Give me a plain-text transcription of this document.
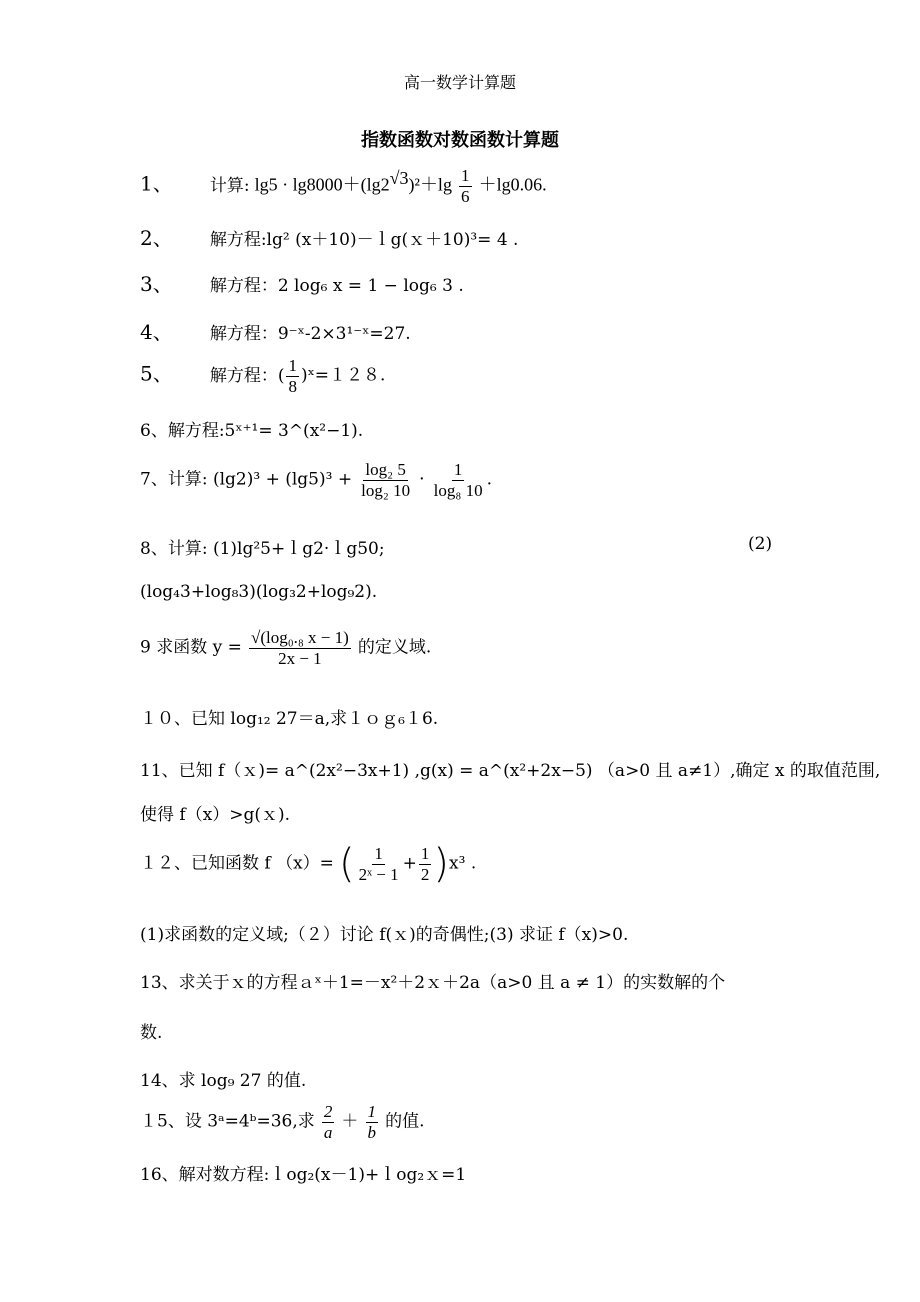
高一数学计算题
指数函数对数函数计算题
1、 计算: $\lg 5 \cdot \lg 8000+(\lg 2^{√3})^2+\lg \frac{1}{6} +\lg 0.06$.
2、 解方程:lg² (x＋10)－ｌg(ｘ＋10)³= 4 .
3、 解方程：2 log₆ x = 1 − log₆ 3 .
4、 解方程：9⁻ˣ-2×3¹⁻ˣ=27.
5、 解方程：( $\frac{1}{8}$ )ˣ=１２８.
6、解方程:5ˣ⁺¹= 3^(x²−1).
7、计算: $(\lg 2)^3 + (\lg 5)^3 + \frac{\text{log₂ 5}}{\text{log₂ 10}} \cdot \frac{1}{\text{log₈ 10}}$ .
8、计算: (1)lg²5+ｌg2·ｌg50;	(2)
(log₄3+log₈3)(log₃2+log₉2).
9 求函数 $y = \frac{\text{√(log₀.₈ x − 1)}}{2x - 1}$ 的定义域.
１０、已知 log₁₂ 27＝a,求１ｏｇ₆１6.
11、已知 f（ｘ)= a^(2x²−3x+1) ,g(x) = a^(x²+2x−5) （a>0 且 a≠1）,确定 x 的取值范围,
使得 f（x）>g(ｘ).
１２、已知函数 f （x）= ( $\frac{1}{\text{2ˣ − 1}} + \frac{1}{2} )x^3$ .
(1)求函数的定义域;（２）讨论 f(ｘ)的奇偶性;(3) 求证 f（x)>0.
13、求关于ｘ的方程ａˣ＋1=－x²＋2ｘ＋2a（a>0 且 a ≠ 1）的实数解的个
数.
14、求 log₉ 27 的值.
１5、设 3ᵃ=4ᵇ=36,求 $\frac{2}{a} + \frac{1}{b}$ 的值.
16、解对数方程:ｌog₂(x－1)+ｌog₂ｘ=1
